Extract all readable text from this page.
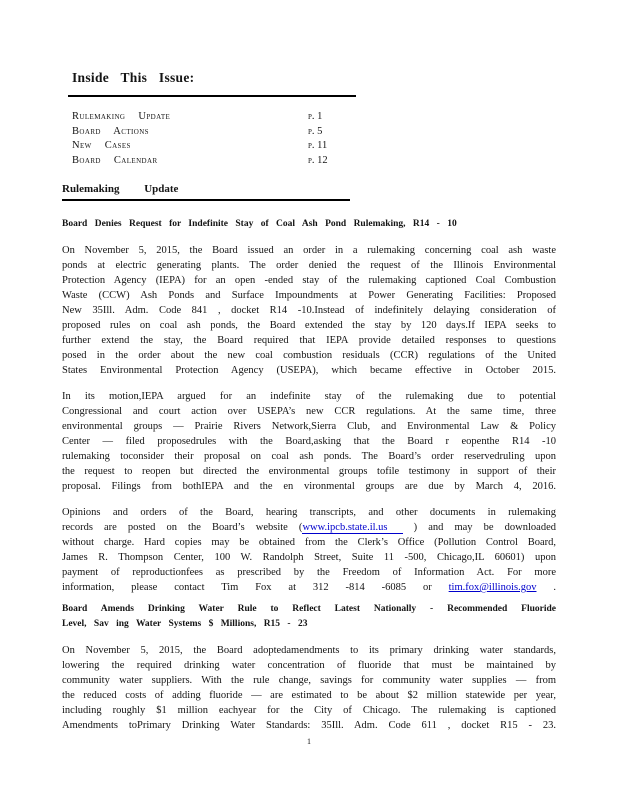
Inside This Issue:
Rulemaking Update	p. 1
Board Actions	p. 5
New Cases	p. 11
Board Calendar	p. 12
Rulemaking Update
Board Denies Request for Indefinite Stay of Coal Ash Pond Rulemaking, R14 - 10
On November 5, 2015, the Board issued an order in a rulemaking concerning coal ash waste
ponds at electric generating plants. The order denied the request of the Illinois Environmental
Protection Agency (IEPA) for an open -ended stay of the rulemaking captioned Coal Combustion
Waste (CCW) Ash Ponds and Surface Impoundments at Power Generating Facilities: Proposed
New 35Ill. Adm. Code 841 , docket R14 -10.Instead of indefinitely delaying consideration of
proposed rules on coal ash ponds, the Board extended the stay by 120 days.If IEPA seeks to
further extend the stay, the Board required that IEPA provide detailed responses to questions
posed in the order about the new coal combustion residuals (CCR) regulations of the United
States Environmental Protection Agency (USEPA), which became effective in October 2015.
In its motion,IEPA argued for an indefinite stay of the rulemaking due to potential
Congressional and court action over USEPA’s new CCR regulations. At the same time, three
environmental groups — Prairie Rivers Network,Sierra Club, and Environmental Law & Policy
Center — filed proposedrules with the Board,asking that the Board r eopenthe R14 -10
rulemaking toconsider their proposal on coal ash ponds. The Board’s order reservedruling upon
the request to reopen but directed the environmental groups tofile testimony in support of their
proposal. Filings from bothIEPA and the en vironmental groups are due by March 4, 2016.
Opinions and orders of the Board, hearing transcripts, and other documents in rulemaking
records are posted on the Board’s website (www.ipcb.state.il.us ) and may be downloaded
without charge. Hard copies may be obtained from the Clerk’s Office (Pollution Control Board,
James R. Thompson Center, 100 W. Randolph Street, Suite 11 -500, Chicago,IL 60601) upon
payment of reproductionfees as prescribed by the Freedom of Information Act. For more
information, please contact Tim Fox at 312 -814 -6085 or tim.fox@illinois.gov .
Board Amends Drinking Water Rule to Reflect Latest Nationally - Recommended Fluoride
Level, Sav ing Water Systems $ Millions, R15 - 23
On November 5, 2015, the Board adoptedamendments to its primary drinking water standards,
lowering the required drinking water concentration of fluoride that must be maintained by
community water suppliers. With the rule change, savings for community water supplies — from
the reduced costs of adding fluoride — are estimated to be about $2 million statewide per year,
including roughly $1 million eachyear for the City of Chicago. The rulemaking is captioned
Amendments toPrimary Drinking Water Standards: 35Ill. Adm. Code 611 , docket R15 - 23.
1
